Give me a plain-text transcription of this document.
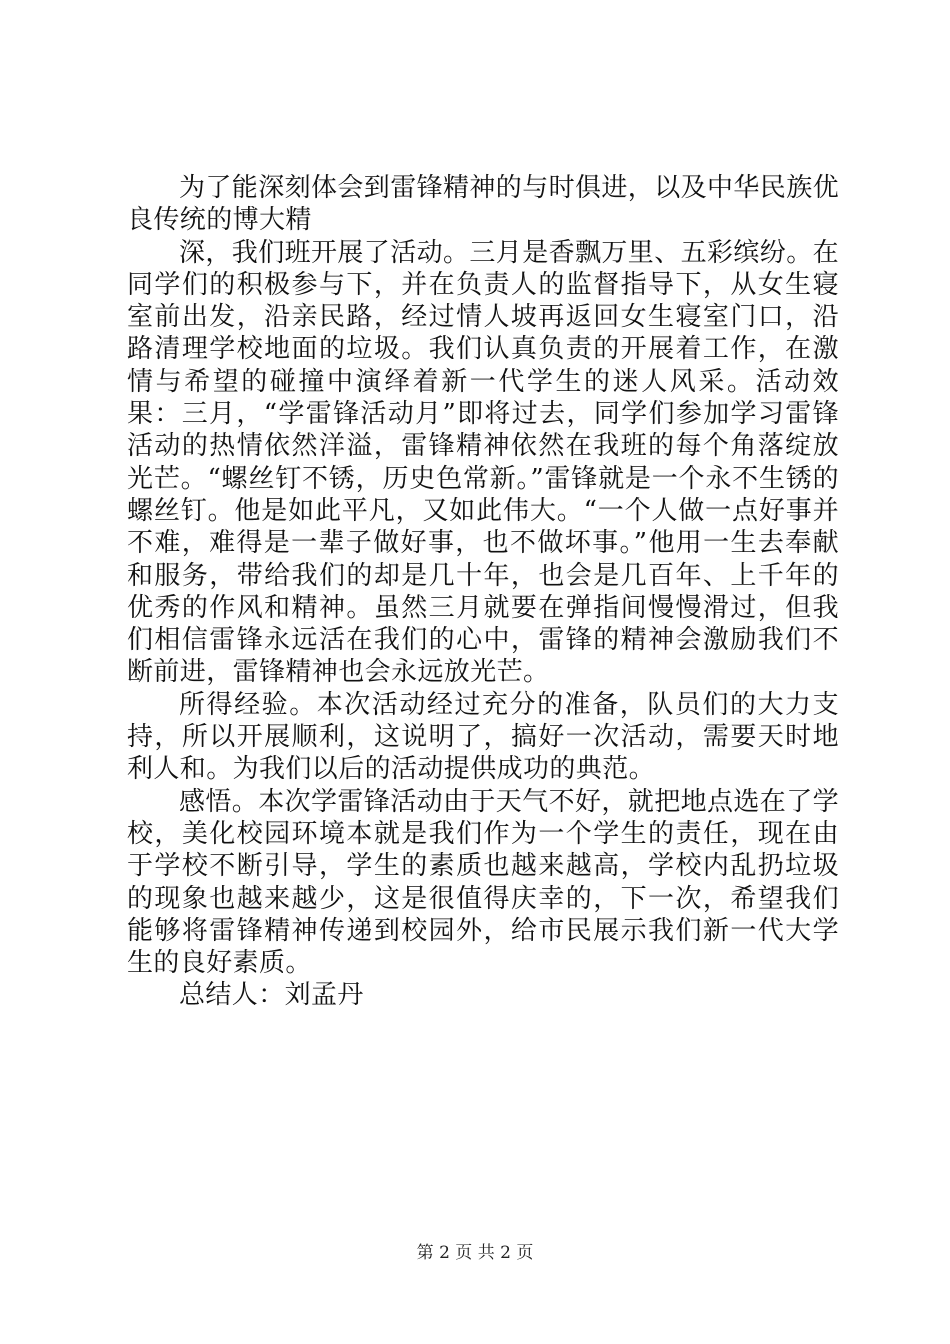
为了能深刻体会到雷锋精神的与时俱进，以及中华民族优良传统的博大精

深，我们班开展了活动。三月是香飘万里、五彩缤纷。在同学们的积极参与下，并在负责人的监督指导下，从女生寝室前出发，沿亲民路，经过情人坡再返回女生寝室门口，沿路清理学校地面的垃圾。我们认真负责的开展着工作，在激情与希望的碰撞中演绎着新一代学生的迷人风采。活动效果：三月，“学雷锋活动月”即将过去，同学们参加学习雷锋活动的热情依然洋溢，雷锋精神依然在我班的每个角落绽放光芒。“螺丝钉不锈，历史色常新。”雷锋就是一个永不生锈的螺丝钉。他是如此平凡，又如此伟大。“一个人做一点好事并不难，难得是一辈子做好事，也不做坏事。”他用一生去奉献和服务，带给我们的却是几十年，也会是几百年、上千年的优秀的作风和精神。虽然三月就要在弹指间慢慢滑过，但我们相信雷锋永远活在我们的心中，雷锋的精神会激励我们不断前进，雷锋精神也会永远放光芒。

所得经验。本次活动经过充分的准备，队员们的大力支持，所以开展顺利，这说明了，搞好一次活动，需要天时地利人和。为我们以后的活动提供成功的典范。

感悟。本次学雷锋活动由于天气不好，就把地点选在了学校，美化校园环境本就是我们作为一个学生的责任，现在由于学校不断引导，学生的素质也越来越高，学校内乱扔垃圾的现象也越来越少，这是很值得庆幸的，下一次，希望我们能够将雷锋精神传递到校园外，给市民展示我们新一代大学生的良好素质。

总结人：刘孟丹

第 2 页 共 2 页
